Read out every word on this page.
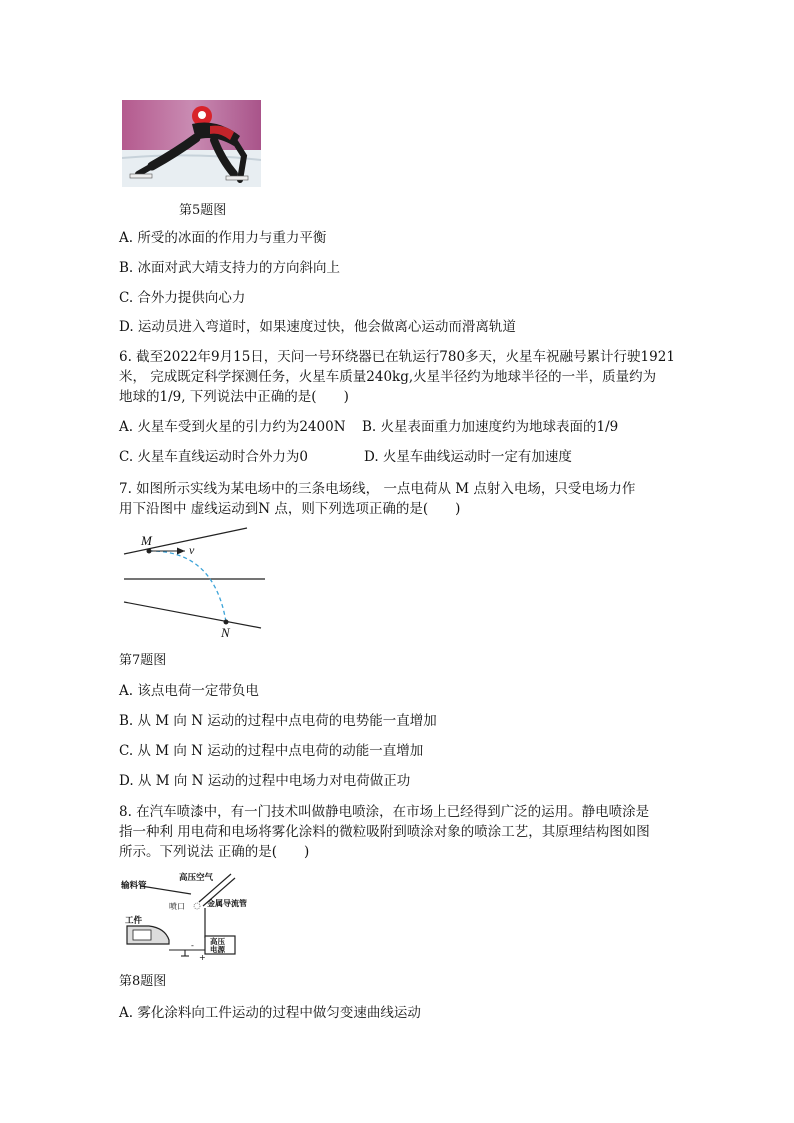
第5题图
A. 所受的冰面的作用力与重力平衡
B. 冰面对武大靖支持力的方向斜向上
C. 合外力提供向心力
D. 运动员进入弯道时，如果速度过快，他会做离心运动而滑离轨道
6. 截至2022年9月15日，天问一号环绕器已在轨运行780多天，火星车祝融号累计行驶1921
米， 完成既定科学探测任务，火星车质量240kg,火星半径约为地球半径的一半，质量约为
地球的1/9, 下列说法中正确的是(　　)
A. 火星车受到火星的引力约为2400N B. 火星表面重力加速度约为地球表面的1/9
C. 火星车直线运动时合外力为0	D. 火星车曲线运动时一定有加速度
7. 如图所示实线为某电场中的三条电场线， 一点电荷从 M 点射入电场，只受电场力作
用下沿图中 虚线运动到N 点，则下列选项正确的是(　　)
M
v
N
第7题图
A. 该点电荷一定带负电
B. 从 M 向 N 运动的过程中点电荷的电势能一直增加
C. 从 M 向 N 运动的过程中点电荷的动能一直增加
D. 从 M 向 N 运动的过程中电场力对电荷做正功
8. 在汽车喷漆中，有一门技术叫做静电喷涂，在市场上已经得到广泛的运用。静电喷涂是
指一种利 用电荷和电场将雾化涂料的微粒吸附到喷涂对象的喷涂工艺，其原理结构图如图
所示。下列说法 正确的是(　　)
高压空气
输料管
喷口	金属导流管
工件
高压
电源
-
+
第8题图
A. 雾化涂料向工件运动的过程中做匀变速曲线运动
